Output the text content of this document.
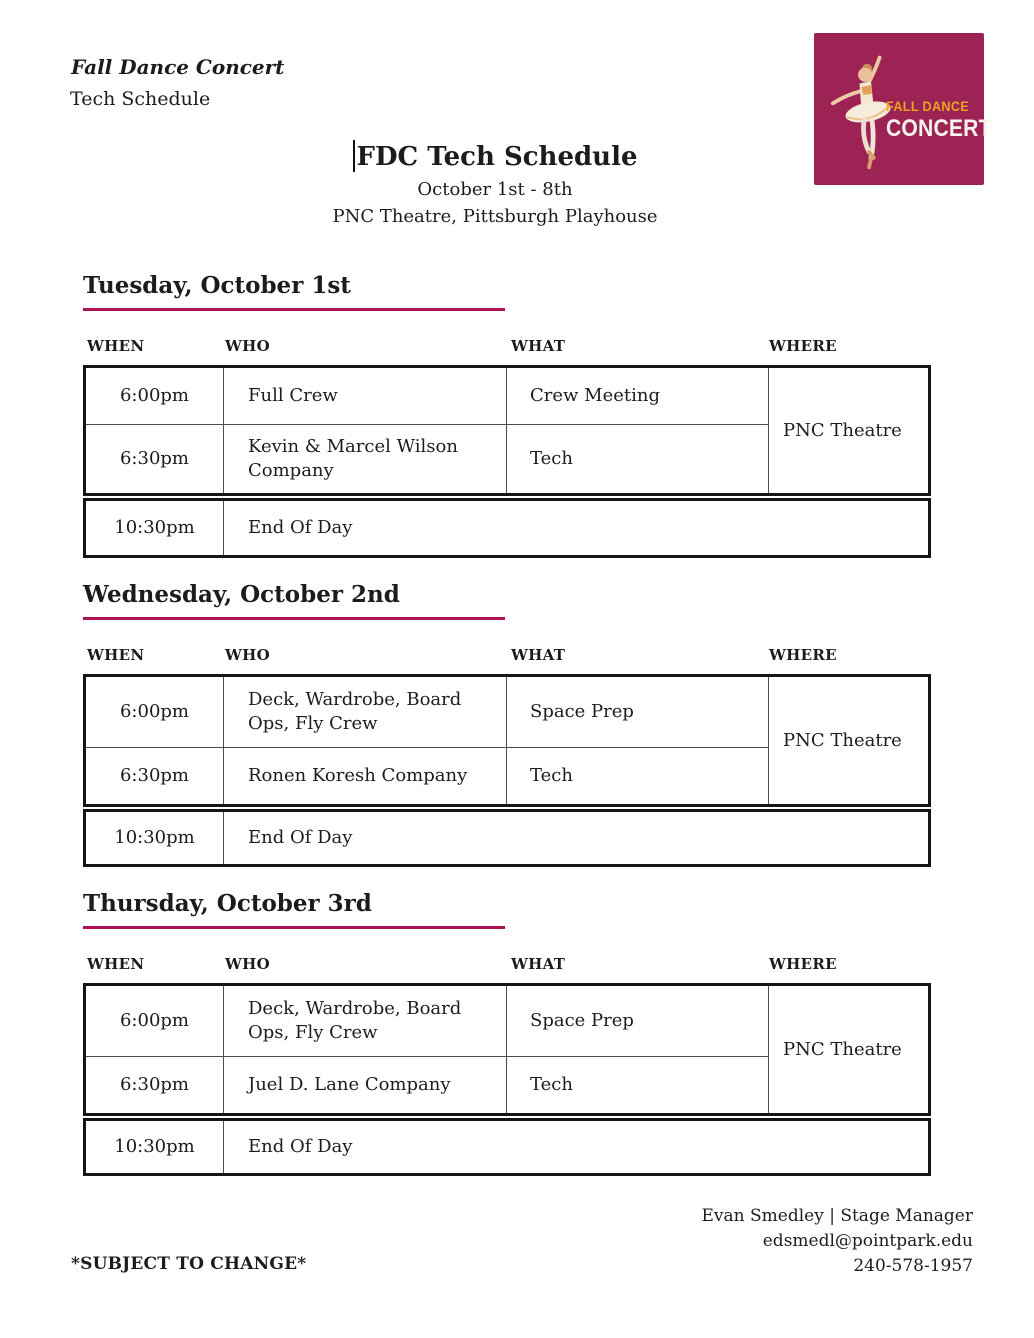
Fall Dance Concert
Tech Schedule
FDC Tech Schedule

October 1st - 8th

PNC Theatre, Pittsburgh Playhouse

FALL DANCE
CONCERT
Tuesday, October 1st
WHEN	WHO	WHAT	WHERE
6:00pm	Full Crew	Crew Meeting	PNC Theatre
6:30pm	Kevin & Marcel Wilson Company	Tech	
10:30pm	End Of Day
Wednesday, October 2nd
WHEN	WHO	WHAT	WHERE
6:00pm	Deck, Wardrobe, Board Ops, Fly Crew	Space Prep	PNC Theatre
6:30pm	Ronen Koresh Company	Tech	
10:30pm	End Of Day
Thursday, October 3rd
WHEN	WHO	WHAT	WHERE
6:00pm	Deck, Wardrobe, Board Ops, Fly Crew	Space Prep	PNC Theatre
6:30pm	Juel D. Lane Company	Tech	
10:30pm	End Of Day
Evan Smedley | Stage Manager
edsmedl@pointpark.edu
240-578-1957
*SUBJECT TO CHANGE*
